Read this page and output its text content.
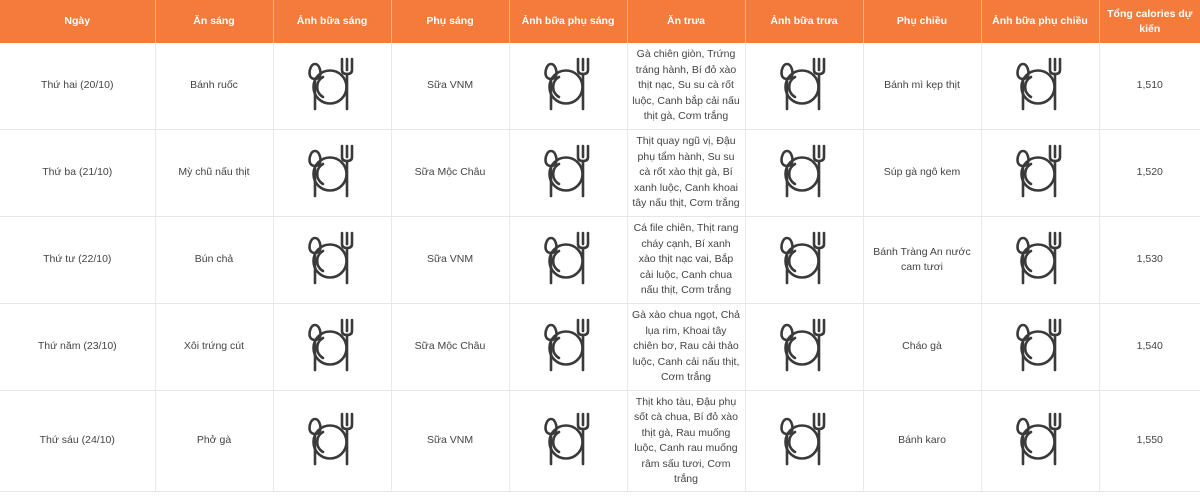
Ngày	Ăn sáng	Ảnh bữa sáng	Phụ sáng	Ảnh bữa phụ sáng	Ăn trưa	Ảnh bữa trưa	Phụ chiều	Ảnh bữa phụ chiều	Tổng calories dự kiến
Thứ hai (20/10)	Bánh ruốc		Sữa VNM		Gà chiên giòn, Trứng tráng hành, Bí đỏ xào thịt nạc, Su su cà rốt luộc, Canh bắp cải nấu thịt gà, Cơm trắng		Bánh mì kẹp thịt		1,510
Thứ ba (21/10)	Mỳ chũ nấu thịt		Sữa Mộc Châu		Thịt quay ngũ vị, Đậu phụ tẩm hành, Su su cà rốt xào thịt gà, Bí xanh luộc, Canh khoai tây nấu thịt, Cơm trắng		Súp gà ngô kem		1,520
Thứ tư (22/10)	Bún chả		Sữa VNM		Cá file chiên, Thịt rang cháy cạnh, Bí xanh xào thịt nạc vai, Bắp cải luộc, Canh chua nấu thịt, Cơm trắng		Bánh Tràng An nước cam tươi		1,530
Thứ năm (23/10)	Xôi trứng cút		Sữa Mộc Châu		Gà xào chua ngọt, Chả lụa rim, Khoai tây chiên bơ, Rau cải thảo luộc, Canh cải nấu thịt, Cơm trắng		Cháo gà		1,540
Thứ sáu (24/10)	Phở gà		Sữa VNM		Thịt kho tàu, Đậu phụ sốt cà chua, Bí đỏ xào thịt gà, Rau muống luộc, Canh rau muống râm sấu tươi, Cơm trắng		Bánh karo		1,550
